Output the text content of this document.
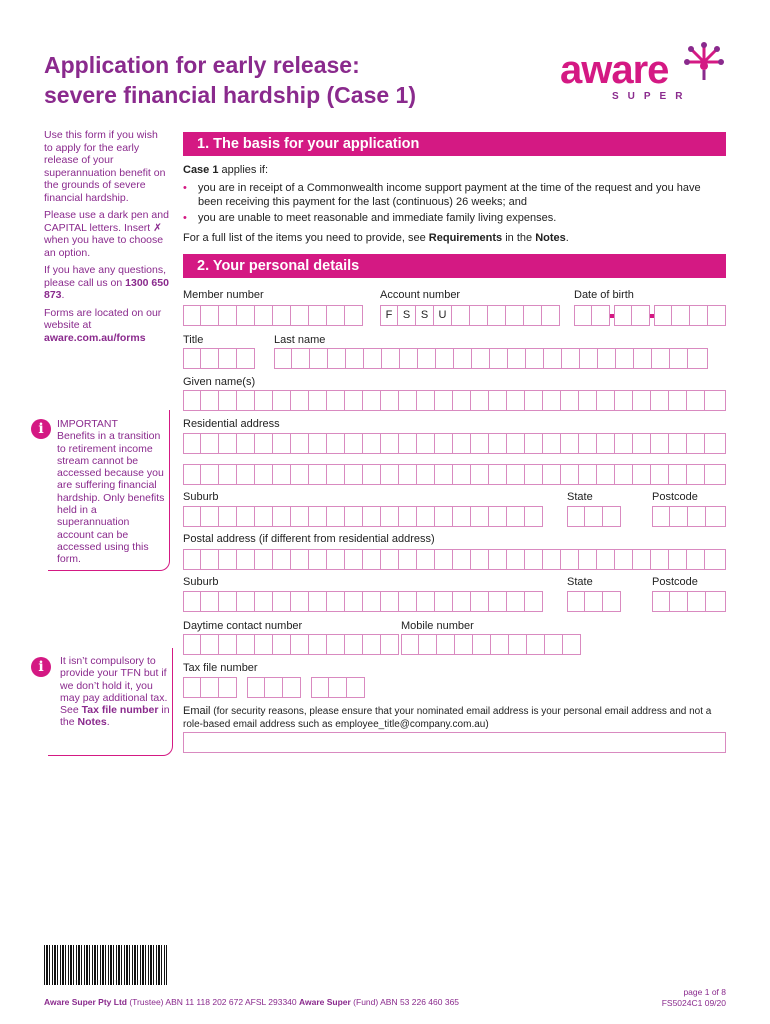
Application for early release:
severe financial hardship (Case 1)
aware
SUPER

Use this form if you wish to apply for the early release of your superannuation benefit on the grounds of severe financial hardship.

Please use a dark pen and CAPITAL letters. Insert ✗ when you have to choose an option.

If you have any questions, please call us on 1300 650 873.

Forms are located on our website at aware.com.au/forms

i	IMPORTANT
Benefits in a transition to retirement income stream cannot be accessed because you are suffering financial hardship. Only benefits held in a superannuation account can be accessed using this form.
i	It isn’t compulsory to provide your TFN but if we don’t hold it, you may pay additional tax. See Tax file number in the Notes.
1. The basis for your application
Case 1 applies if:
•	you are in receipt of a Commonwealth income support payment at the time of the request and you have been receiving this payment for the last (continuous) 26 weeks; and
•	you are unable to meet reasonable and immediate family living expenses.
For a full list of the items you need to provide, see Requirements in the Notes.
2. Your personal details
Member number	Account number	Date of birth
F S S U
Title	Last name
Given name(s)
Residential address
Suburb	State	Postcode
Postal address (if different from residential address)
Suburb	State	Postcode
Daytime contact number	Mobile number
Tax file number
Email (for security reasons, please ensure that your nominated email address is your personal email address and not a role-based email address such as employee_title@company.com.au)
Aware Super Pty Ltd (Trustee) ABN 11 118 202 672 AFSL 293340 Aware Super (Fund) ABN 53 226 460 365
page 1 of 8
FS5024C1 09/20
